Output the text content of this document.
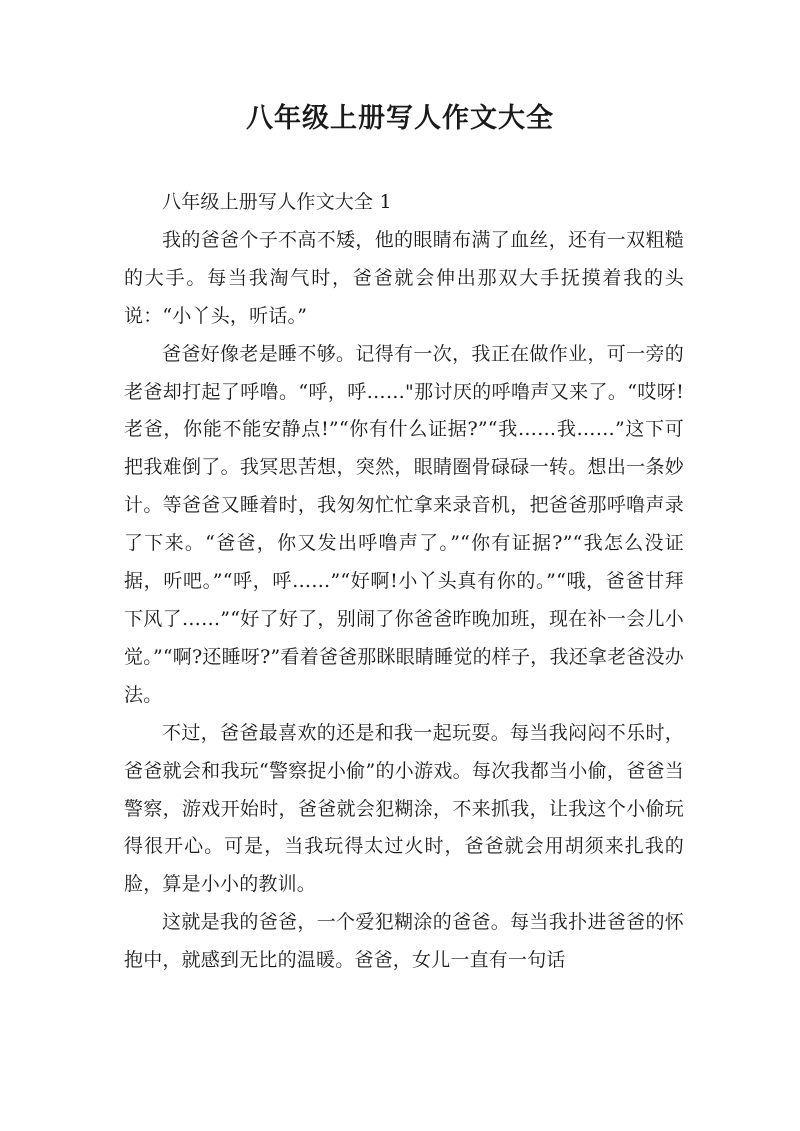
八年级上册写人作文大全

八年级上册写人作文大全 1

我的爸爸个子不高不矮，他的眼睛布满了血丝，还有一双粗糙的大手。每当我淘气时，爸爸就会伸出那双大手抚摸着我的头说：“小丫头，听话。”

爸爸好像老是睡不够。记得有一次，我正在做作业，可一旁的老爸却打起了呼噜。“呼，呼……"那讨厌的呼噜声又来了。“哎呀!老爸，你能不能安静点!”“你有什么证据?”“我……我……”这下可把我难倒了。我冥思苦想，突然，眼睛圈骨碌碌一转。想出一条妙计。等爸爸又睡着时，我匆匆忙忙拿来录音机，把爸爸那呼噜声录了下来。“爸爸，你又发出呼噜声了。”“你有证据?”“我怎么没证据，听吧。”“呼，呼……”“好啊!小丫头真有你的。”“哦，爸爸甘拜下风了……”“好了好了，别闹了你爸爸昨晚加班，现在补一会儿小觉。”“啊?还睡呀?”看着爸爸那眯眼睛睡觉的样子，我还拿老爸没办法。

不过，爸爸最喜欢的还是和我一起玩耍。每当我闷闷不乐时，爸爸就会和我玩“警察捉小偷”的小游戏。每次我都当小偷，爸爸当警察，游戏开始时，爸爸就会犯糊涂，不来抓我，让我这个小偷玩得很开心。可是，当我玩得太过火时，爸爸就会用胡须来扎我的脸，算是小小的教训。

这就是我的爸爸，一个爱犯糊涂的爸爸。每当我扑进爸爸的怀抱中，就感到无比的温暖。爸爸，女儿一直有一句话
